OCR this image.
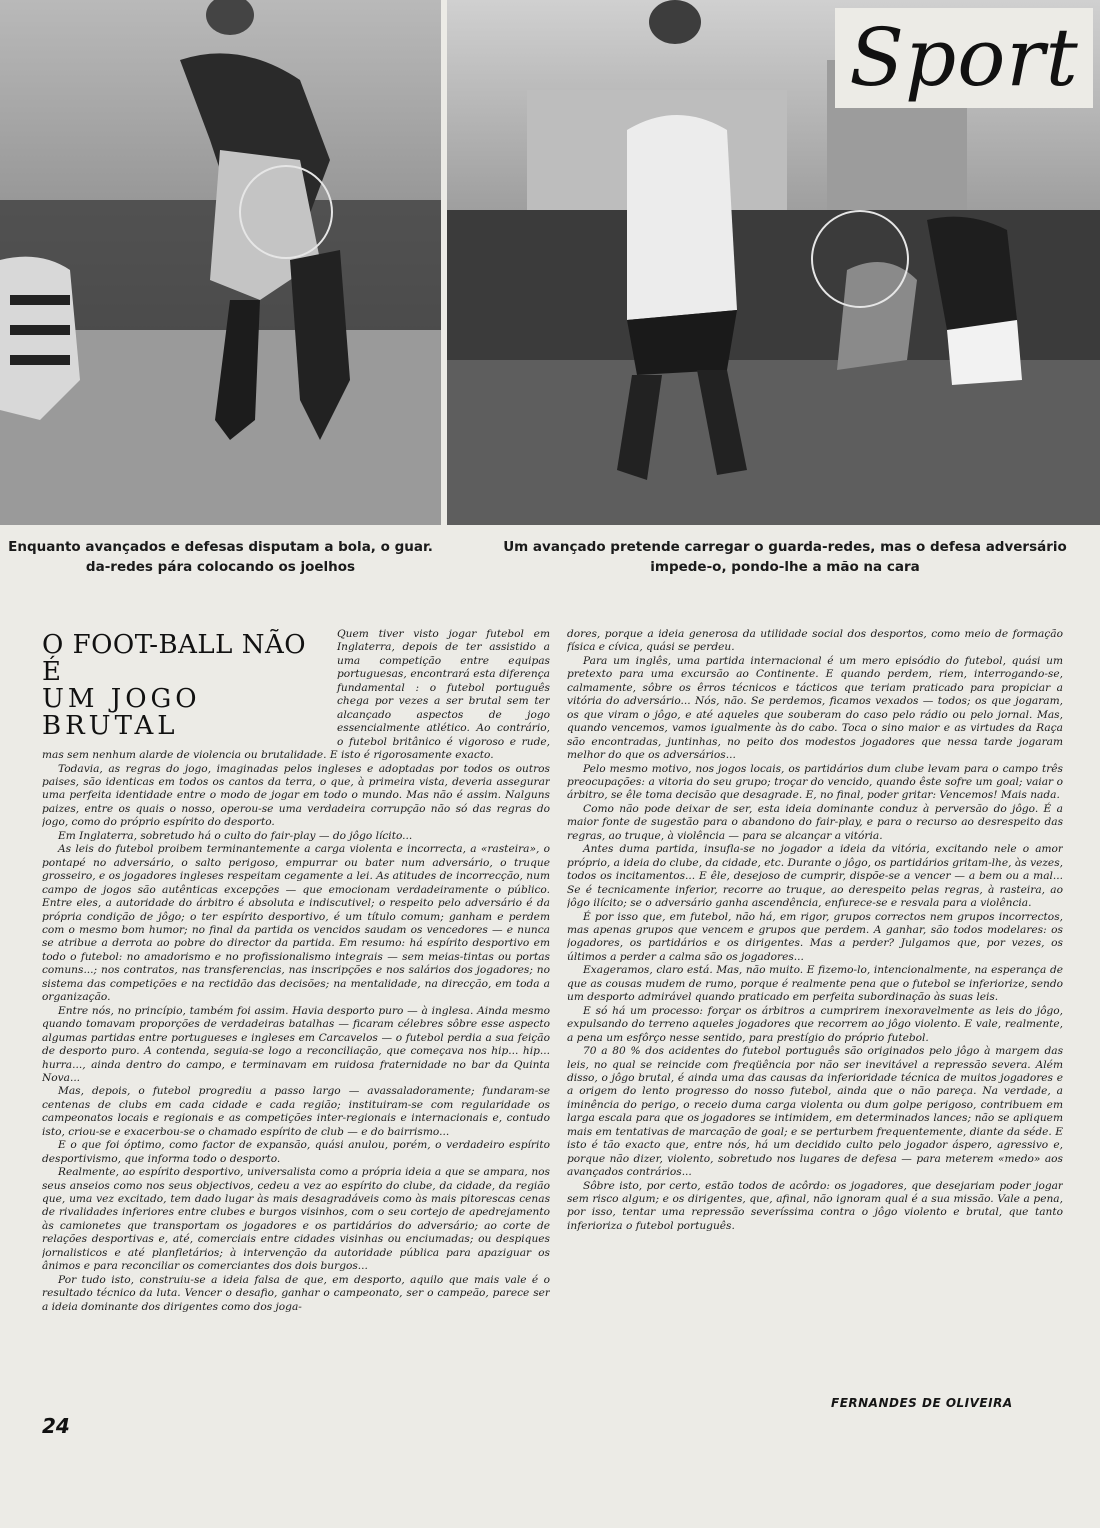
Sport
Enquanto avançados e defesas disputam a bola, o guar. da-redes pára colocando os joelhos
Um avançado pretende carregar o guarda-redes, mas o defesa adversário impede-o, pondo-lhe a mão na cara
O FOOT-BALL NÃO É
UM JOGO BRUTAL

Quem tiver visto jogar futebol em Inglaterra, depois de ter assistido a uma competição entre equipas portuguesas, encontrará esta diferença fundamental : o futebol português chega por vezes a ser brutal sem ter alcançado aspectos de jogo essencialmente atlético. Ao contrário, o futebol britânico é vigoroso e rude, mas sem nenhum alarde de violencia ou brutalidade. E isto é rigorosamente exacto.

Todavia, as regras do jogo, imaginadas pelos ingleses e adoptadas por todos os outros paises, são identicas em todos os cantos da terra, o que, à primeira vista, deveria assegurar uma perfeita identidade entre o modo de jogar em todo o mundo. Mas não é assim. Nalguns paizes, entre os quais o nosso, operou-se uma verdadeira corrupção não só das regras do jogo, como do próprio espírito do desporto.

Em Inglaterra, sobretudo há o culto do fair-play — do jôgo lícito...

As leis do futebol proibem terminantemente a carga violenta e incorrecta, a «rasteira», o pontapé no adversário, o salto perigoso, empurrar ou bater num adversário, o truque grosseiro, e os jogadores ingleses respeitam cegamente a lei. As atitudes de incorrecção, num campo de jogos são autênticas excepções — que emocionam verdadeiramente o público. Entre eles, a autoridade do árbitro é absoluta e indiscutivel; o respeito pelo adversário é da própria condição de jôgo; o ter espírito desportivo, é um título comum; ganham e perdem com o mesmo bom humor; no final da partida os vencidos saudam os vencedores — e nunca se atribue a derrota ao pobre do director da partida. Em resumo: há espírito desportivo em todo o futebol: no amadorismo e no profissionalismo integrais — sem meias-tintas ou portas comuns...; nos contratos, nas transferencias, nas inscripções e nos salários dos jogadores; no sistema das competições e na rectidão das decisões; na mentalidade, na direcção, em toda a organização.

Entre nós, no princípio, também foi assim. Havia desporto puro — à inglesa. Ainda mesmo quando tomavam proporções de verdadeiras batalhas — ficaram célebres sôbre esse aspecto algumas partidas entre portugueses e ingleses em Carcavelos — o futebol perdia a sua feição de desporto puro. A contenda, seguia-se logo a reconciliação, que começava nos hip... hip... hurra..., ainda dentro do campo, e terminavam em ruidosa fraternidade no bar da Quinta Nova...

Mas, depois, o futebol progrediu a passo largo — avassaladoramente; fundaram-se centenas de clubs em cada cidade e cada região; instituiram-se com regularidade os campeonatos locais e regionais e as competições inter-regionais e internacionais e, contudo isto, criou-se e exacerbou-se o chamado espírito de club — e do bairrismo...

E o que foi óptimo, como factor de expansão, quási anulou, porém, o verdadeiro espírito desportivismo, que informa todo o desporto.

Realmente, ao espírito desportivo, universalista como a própria ideia a que se ampara, nos seus anseios como nos seus objectivos, cedeu a vez ao espírito do clube, da cidade, da região que, uma vez excitado, tem dado lugar às mais desagradáveis como às mais pitorescas cenas de rivalidades inferiores entre clubes e burgos visinhos, com o seu cortejo de apedrejamento às camionetes que transportam os jogadores e os partidários do adversário; ao corte de relações desportivas e, até, comerciais entre cidades visinhas ou enciumadas; ou despiques jornalisticos e até planfletários; à intervenção da autoridade pública para apaziguar os ânimos e para reconciliar os comerciantes dos dois burgos...

Por tudo isto, construiu-se a ideia falsa de que, em desporto, aquilo que mais vale é o resultado técnico da luta. Vencer o desafio, ganhar o campeonato, ser o campeão, parece ser a ideia dominante dos dirigentes como dos joga-

dores, porque a ideia generosa da utilidade social dos desportos, como meio de formação física e cívica, quási se perdeu.

Para um inglês, uma partida internacional é um mero episódio do futebol, quási um pretexto para uma excursão ao Continente. E quando perdem, riem, interrogando-se, calmamente, sôbre os êrros técnicos e tácticos que teriam praticado para propiciar a vitória do adversário... Nós, não. Se perdemos, ficamos vexados — todos; os que jogaram, os que viram o jôgo, e até aqueles que souberam do caso pelo rádio ou pelo jornal. Mas, quando vencemos, vamos igualmente às do cabo. Toca o sino maior e as virtudes da Raça são encontradas, juntinhas, no peito dos modestos jogadores que nessa tarde jogaram melhor do que os adversários...

Pelo mesmo motivo, nos jogos locais, os partidários dum clube levam para o campo três preocupações: a vitoria do seu grupo; troçar do vencido, quando êste sofre um goal; vaiar o árbitro, se êle toma decisão que desagrade. E, no final, poder gritar: Vencemos! Mais nada.

Como não pode deixar de ser, esta ideia dominante conduz à perversão do jôgo. É a maior fonte de sugestão para o abandono do fair-play, e para o recurso ao desrespeito das regras, ao truque, à violência — para se alcançar a vitória.

Antes duma partida, insufla-se no jogador a ideia da vitória, excitando nele o amor próprio, a ideia do clube, da cidade, etc. Durante o jôgo, os partidários gritam-lhe, às vezes, todos os incitamentos... E êle, desejoso de cumprir, dispõe-se a vencer — a bem ou a mal... Se é tecnicamente inferior, recorre ao truque, ao derespeito pelas regras, à rasteira, ao jôgo ilícito; se o adversário ganha ascendência, enfurece-se e resvala para a violência.

É por isso que, em futebol, não há, em rigor, grupos correctos nem grupos incorrectos, mas apenas grupos que vencem e grupos que perdem. A ganhar, são todos modelares: os jogadores, os partidários e os dirigentes. Mas a perder? Julgamos que, por vezes, os últimos a perder a calma são os jogadores...

Exageramos, claro está. Mas, não muito. E fizemo-lo, intencionalmente, na esperança de que as cousas mudem de rumo, porque é realmente pena que o futebol se inferiorize, sendo um desporto admirável quando praticado em perfeita subordinação às suas leis.

E só há um processo: forçar os árbitros a cumprirem inexoravelmente as leis do jôgo, expulsando do terreno aqueles jogadores que recorrem ao jôgo violento. E vale, realmente, a pena um esfôrço nesse sentido, para prestígio do próprio futebol.

70 a 80 % dos acidentes do futebol português são originados pelo jôgo à margem das leis, no qual se reincide com freqüência por não ser inevitável a repressão severa. Além disso, o jôgo brutal, é ainda uma das causas da inferioridade técnica de muitos jogadores e a origem do lento progresso do nosso futebol, ainda que o não pareça. Na verdade, a iminência do perigo, o receio duma carga violenta ou dum golpe perigoso, contribuem em larga escala para que os jogadores se intimidem, em determinados lances; não se apliquem mais em tentativas de marcação de goal; e se perturbem frequentemente, diante da séde. E isto é tão exacto que, entre nós, há um decidido culto pelo jogador áspero, agressivo e, porque não dizer, violento, sobretudo nos lugares de defesa — para meterem «medo» aos avançados contrários...

Sôbre isto, por certo, estão todos de acôrdo: os jogadores, que desejariam poder jogar sem risco algum; e os dirigentes, que, afinal, não ignoram qual é a sua missão. Vale a pena, por isso, tentar uma repressão severíssima contra o jôgo violento e brutal, que tanto inferioriza o futebol português.

FERNANDES DE OLIVEIRA
24
